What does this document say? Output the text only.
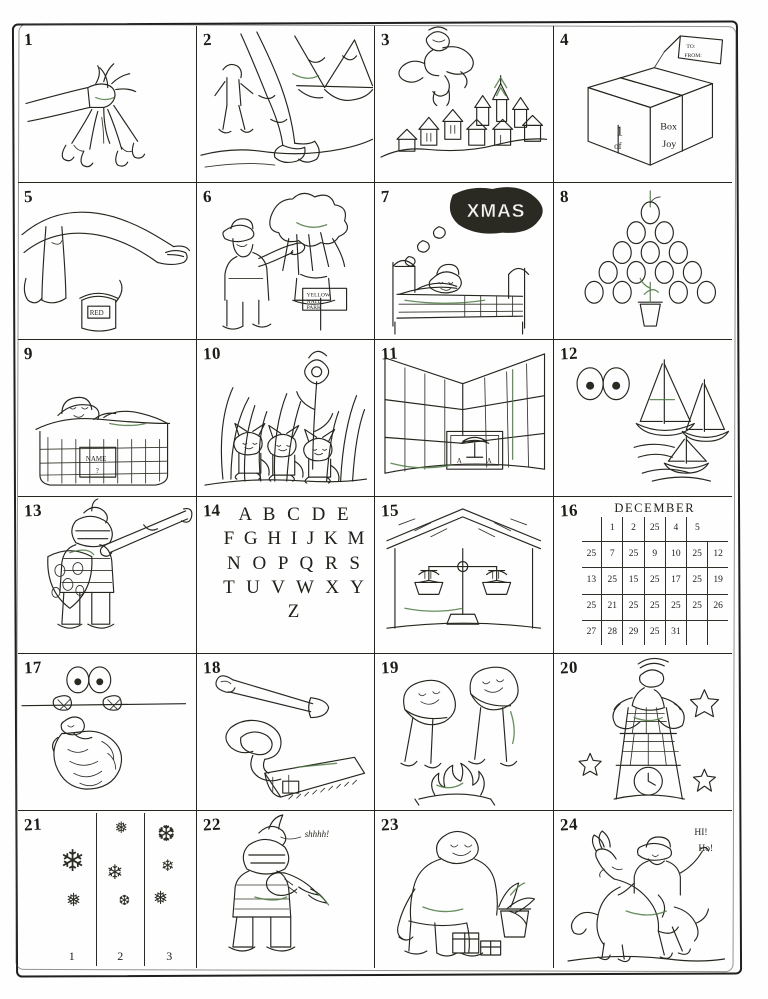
1	2	3	4
1
of
Box
Joy
TO:
FROM:
5
RED
6
YELLOW
NATL
PARK
7
XMAS
8
9
NAME
?
10	11
A	A
12
13	14 A B C D E
F G H I J K M
N O P Q R S
T U V W X Y
Z
15	16	DECEMBER
	1	2	25	4	5	
25	7	25	9	10	25	12
13	25	15	25	17	25	19
25	21	25	25	25	25	26
27	28	29	25	31		
17	18	19	20
21
❄
❅
1
❅
❄
❆
2
❆
❄
❅
3
22	shhhh!	23	24	HI!
Ho!
